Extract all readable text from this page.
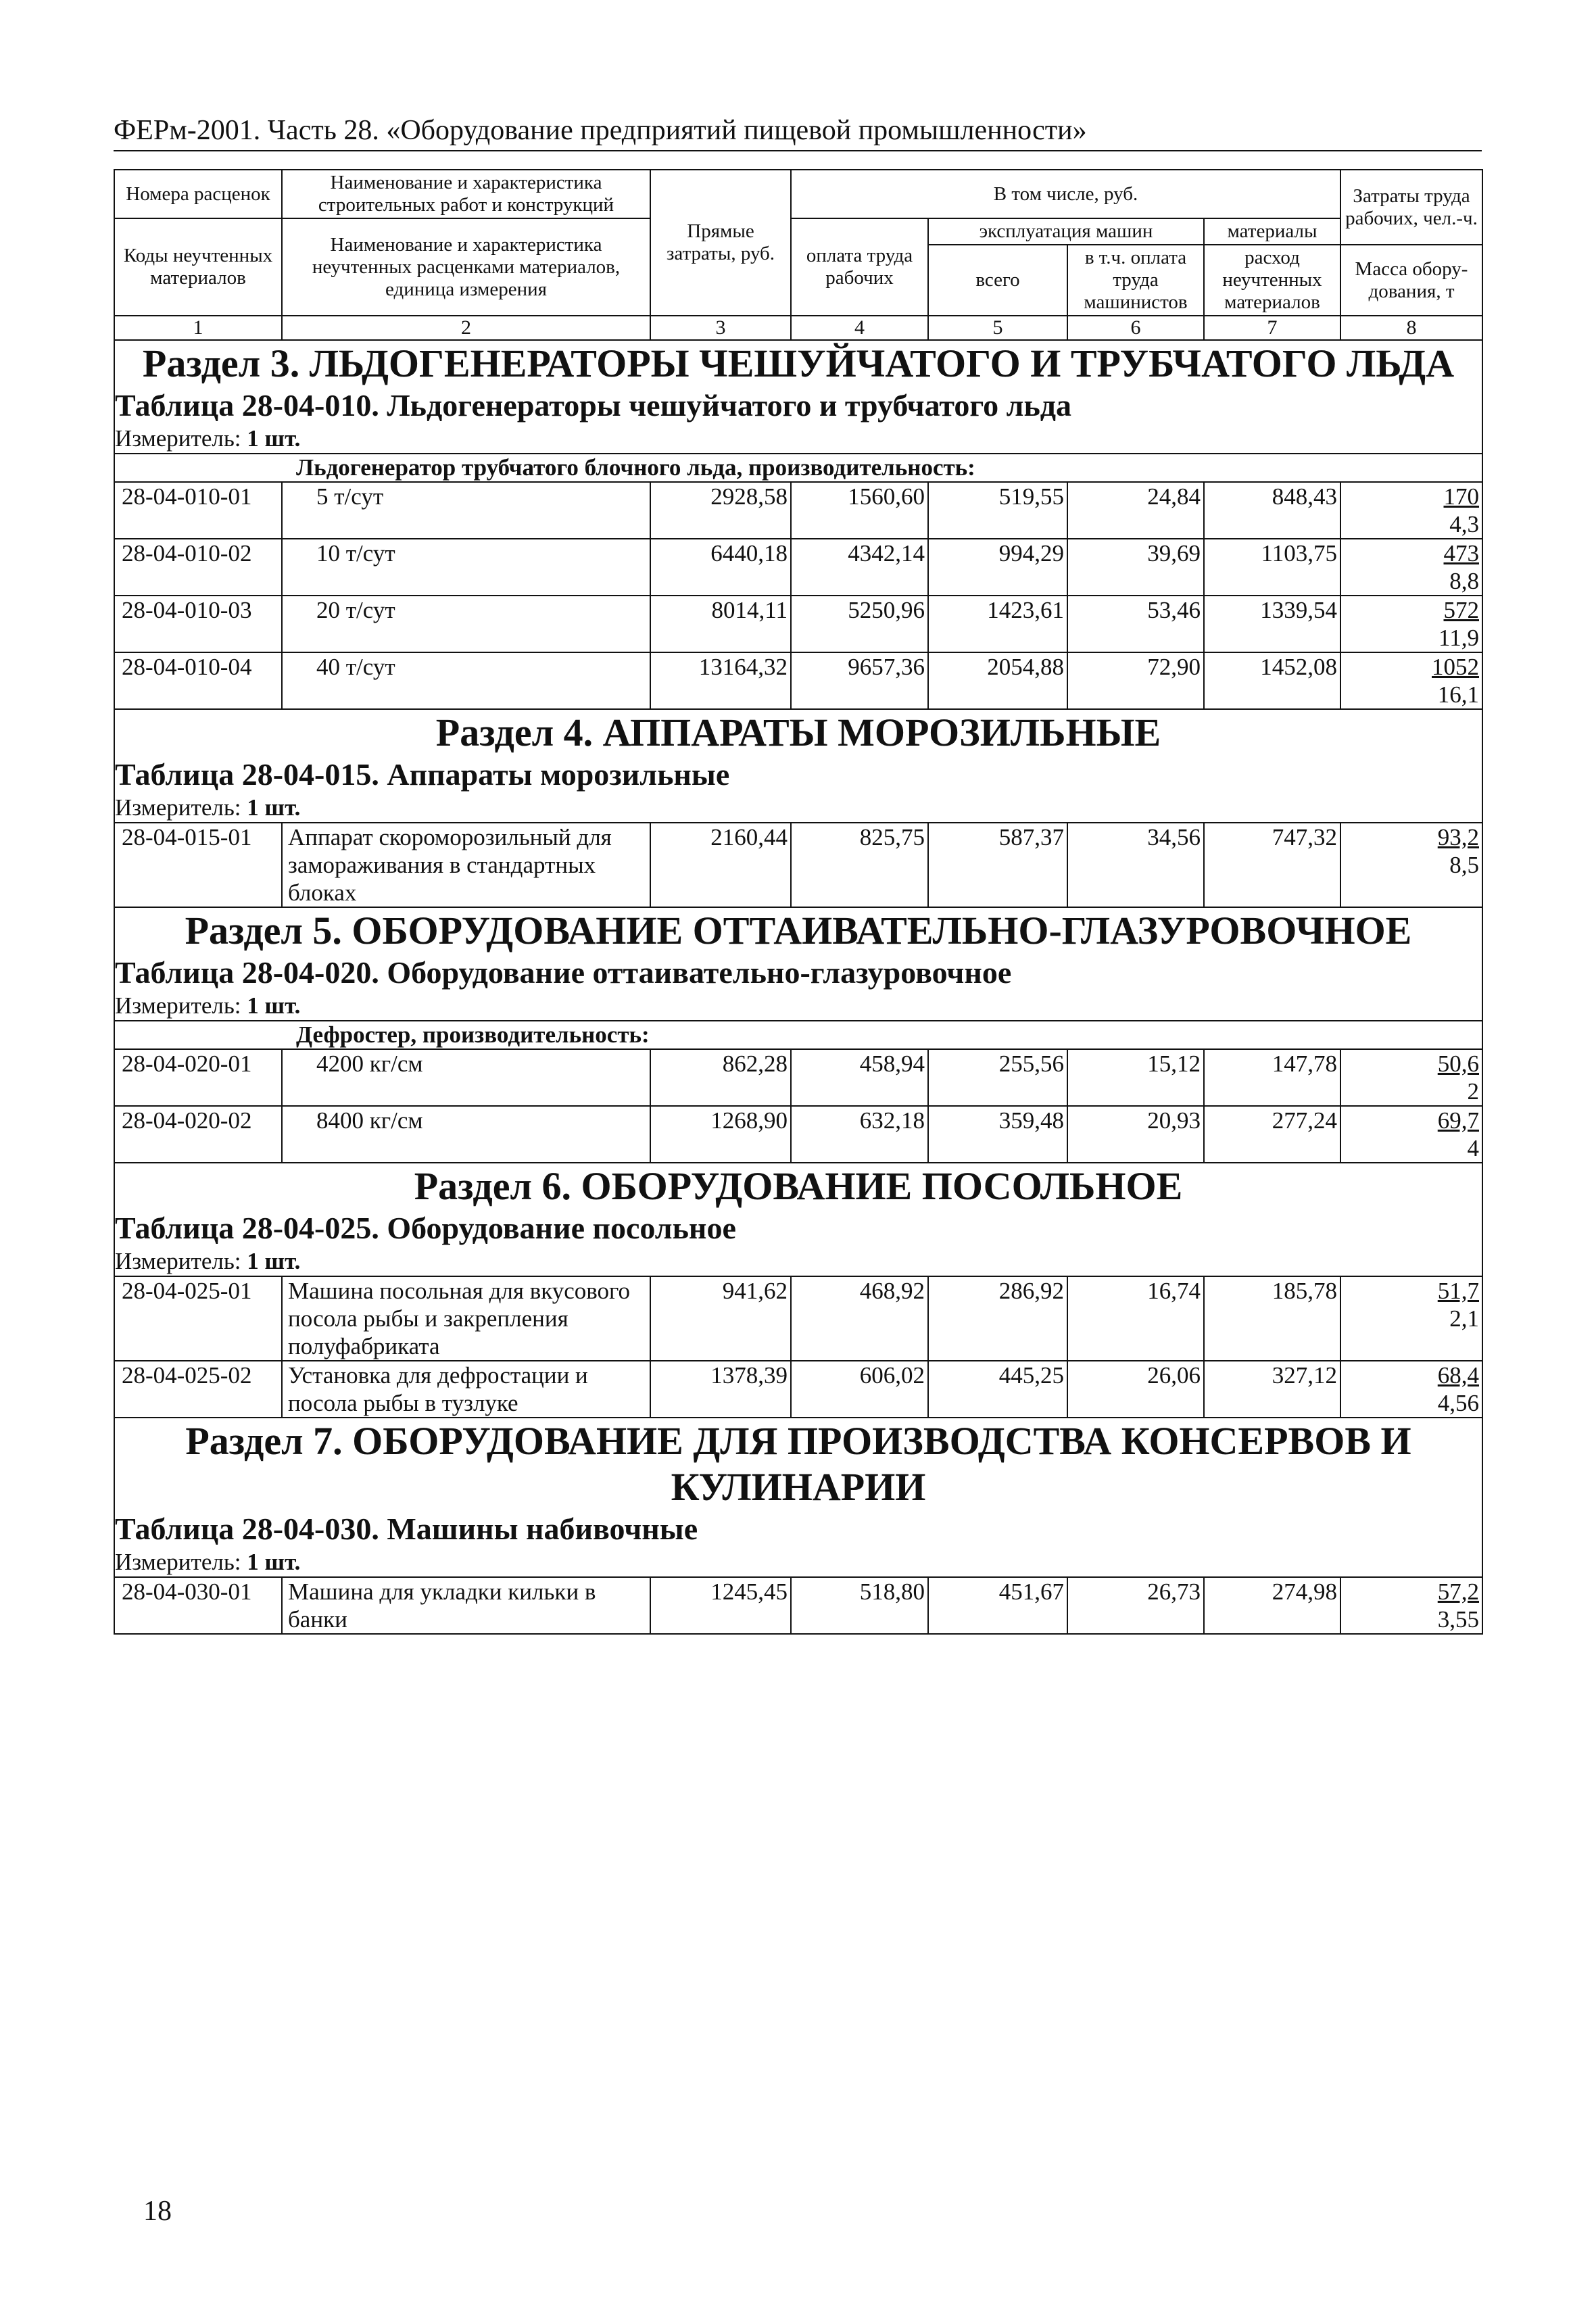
ФЕРм-2001. Часть 28. «Оборудование предприятий пищевой промышленности»
Номера расценок	Наименование и характеристика строительных работ и конструкций	Прямые затраты, руб.	В том числе, руб.				Затраты труда рабочих, чел.-ч.
Коды неучтенных материалов	Наименование и характеристика неучтенных расценками материалов, единица измерения		оплата труда рабочих	эксплуатация машин		материалы	
				всего	в т.ч. оплата труда машинистов	расход неучтенных материалов	Масса обору-дования, т
1	2	3	4	5	6	7	8
Раздел 3. ЛЬДОГЕНЕРАТОРЫ ЧЕШУЙЧАТОГО И ТРУБЧАТОГО ЛЬДА							
Таблица 28-04-010. Льдогенераторы чешуйчатого и трубчатого льда							
Измеритель: 1 шт.							
Льдогенератор трубчатого блочного льда, производительность:							
28-04-010-01	5 т/сут	2928,58	1560,60	519,55	24,84	848,43	170
4,3

28-04-010-02	10 т/сут	6440,18	4342,14	994,29	39,69	1103,75	473
8,8

28-04-010-03	20 т/сут	8014,11	5250,96	1423,61	53,46	1339,54	572
11,9

28-04-010-04	40 т/сут	13164,32	9657,36	2054,88	72,90	1452,08	1052
16,1

Раздел 4. АППАРАТЫ МОРОЗИЛЬНЫЕ							
Таблица 28-04-015. Аппараты морозильные							
Измеритель: 1 шт.							
28-04-015-01	Аппарат скороморозильный для замораживания в стандартных блоках	2160,44	825,75	587,37	34,56	747,32	93,2
8,5

Раздел 5. ОБОРУДОВАНИЕ ОТТАИВАТЕЛЬНО-ГЛАЗУРОВОЧНОЕ							
Таблица 28-04-020. Оборудование оттаивательно-глазуровочное							
Измеритель: 1 шт.							
Дефростер, производительность:							
28-04-020-01	4200 кг/см	862,28	458,94	255,56	15,12	147,78	50,6
2

28-04-020-02	8400 кг/см	1268,90	632,18	359,48	20,93	277,24	69,7
4

Раздел 6. ОБОРУДОВАНИЕ ПОСОЛЬНОЕ							
Таблица 28-04-025. Оборудование посольное							
Измеритель: 1 шт.							
28-04-025-01	Машина посольная для вкусового посола рыбы и закрепления полуфабриката	941,62	468,92	286,92	16,74	185,78	51,7
2,1

28-04-025-02	Установка для дефростации и посола рыбы в тузлуке	1378,39	606,02	445,25	26,06	327,12	68,4
4,56

Раздел 7. ОБОРУДОВАНИЕ ДЛЯ ПРОИЗВОДСТВА КОНСЕРВОВ И КУЛИНАРИИ							
Таблица 28-04-030. Машины набивочные							
Измеритель: 1 шт.							
28-04-030-01	Машина для укладки кильки в банки	1245,45	518,80	451,67	26,73	274,98	57,2
3,55
18
